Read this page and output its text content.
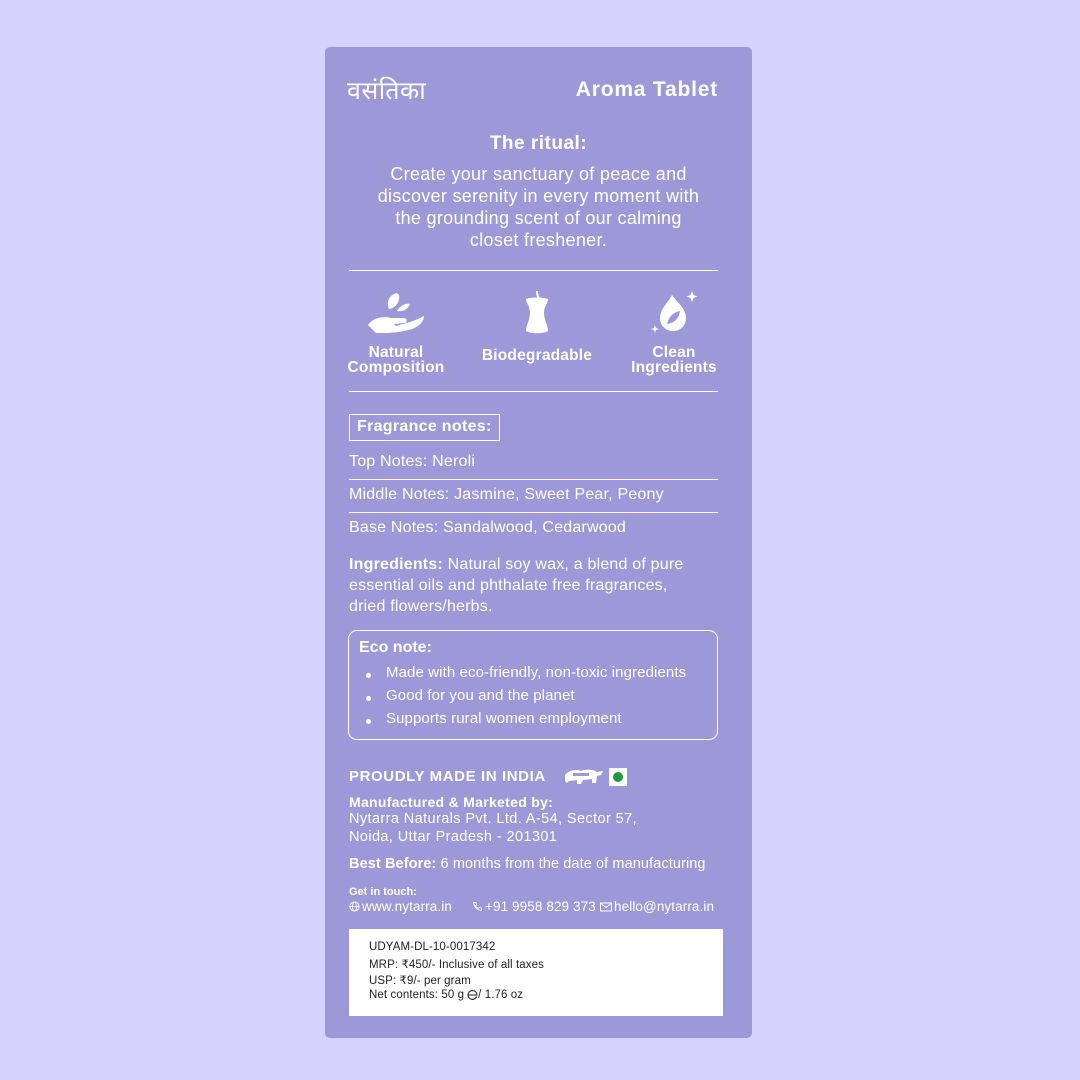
वसंतिका	Aroma Tablet
The ritual:
Create your sanctuary of peace and
discover serenity in every moment with
the grounding scent of our calming
closet freshener.
Natural
Composition
Biodegradable	Clean
Ingredients
Fragrance notes:
Top Notes: Neroli
Middle Notes: Jasmine, Sweet Pear, Peony
Base Notes: Sandalwood, Cedarwood
Ingredients: Natural soy wax, a blend of pure
essential oils and phthalate free fragrances,
dried flowers/herbs.
Eco note:
Made with eco-friendly, non-toxic ingredients
Good for you and the planet
Supports rural women employment
PROUDLY MADE IN INDIA
Manufactured & Marketed by:
Nytarra Naturals Pvt. Ltd. A-54, Sector 57,
Noida, Uttar Pradesh - 201301
Best Before: 6 months from the date of manufacturing
Get in touch:
www.nytarra.in +91 9958 829 373 hello@nytarra.in
UDYAM-DL-10-0017342
MRP: ₹450/- Inclusive of all taxes
USP: ₹9/- per gram
Net contents: 50 g / 1.76 oz
